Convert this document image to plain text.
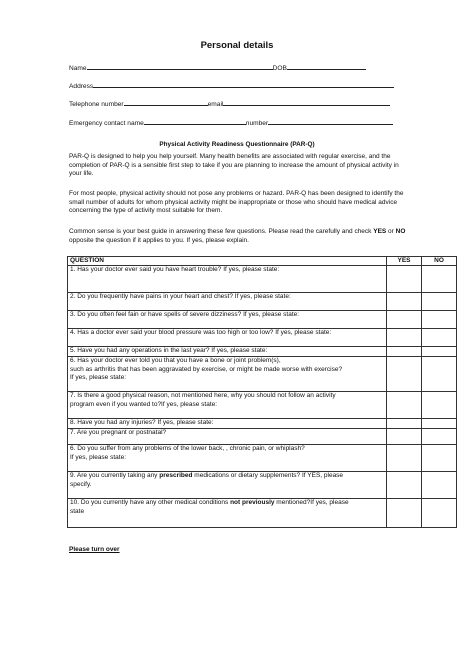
Personal details
Name	DOB
Address
Telephone number	email
Emergency contact name	number
Physical Activity Readiness Questionnaire (PAR-Q)
PAR-Q is designed to help you help yourself. Many health benefits are associated with regular exercise, and the completion of PAR-Q is a sensible first step to take if you are planning to increase the amount of physical activity in your life.
For most people, physical activity should not pose any problems or hazard. PAR-Q has been designed to identify the small number of adults for whom physical activity might be inappropriate or those who should have medical advice concerning the type of activity most suitable for them.
Common sense is your best guide in answering these few questions. Please read the carefully and check YES or NO opposite the question if it applies to you. If yes, please explain.
QUESTION	YES	NO
1. Has your doctor ever said you have heart trouble? If yes, please state:		
2. Do you frequently have pains in your heart and chest? If yes, please state:		
3. Do you often feel fain or have spells of severe dizziness? If yes, please state:		
4. Has a doctor ever said your blood pressure was too high or too low? If yes, please state:		
5. Have you had any operations in the last year? If yes, please state:		

6. Has your doctor ever told you that you have a bone or joint problem(s),
such as arthritis that has been aggravated by exercise, or might be made worse with exercise?
If yes, please state:		

7. Is there a good physical reason, not mentioned here, why you should not follow an activity
program even if you wanted to?If yes, please state:		

8. Have you had any injuries? If yes, please state:		
7. Are you pregnant or postnatal?		

6. Do you suffer from any problems of the lower back, , chronic pain, or whiplash?
If yes, please state:		

9. Are you currently taking any prescribed medications or dietary supplements? If YES, please
specify.		

10. Do you currently have any other medical conditions not previously mentioned?If yes, please
state		

Please turn over
